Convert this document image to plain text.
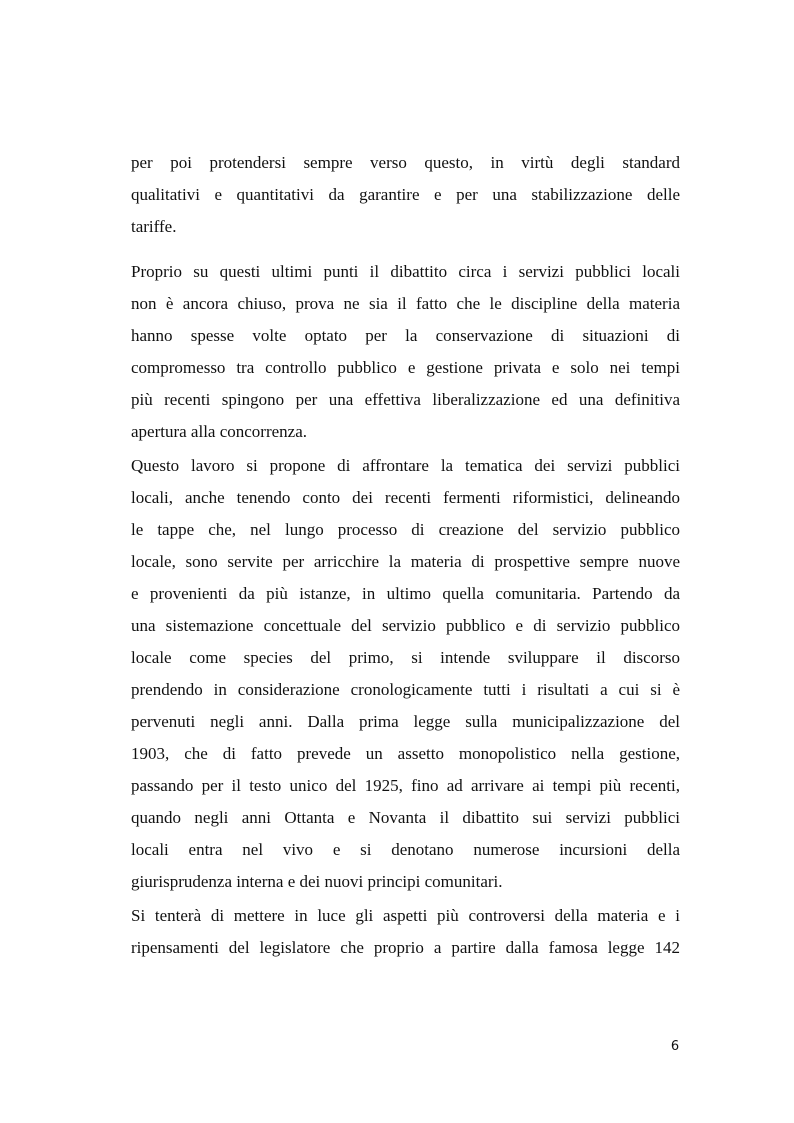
per poi protendersi sempre verso questo, in virtù degli standard
qualitativi e quantitativi da garantire e per una stabilizzazione delle
tariffe.
Proprio su questi ultimi punti il dibattito circa i servizi pubblici locali
non è ancora chiuso, prova ne sia il fatto che le discipline della materia
hanno spesse volte optato per la conservazione di situazioni di
compromesso tra controllo pubblico e gestione privata e solo nei tempi
più recenti spingono per una effettiva liberalizzazione ed una definitiva
apertura alla concorrenza.
Questo lavoro si propone di affrontare la tematica dei servizi pubblici
locali, anche tenendo conto dei recenti fermenti riformistici, delineando
le tappe che, nel lungo processo di creazione del servizio pubblico
locale, sono servite per arricchire la materia di prospettive sempre nuove
e provenienti da più istanze, in ultimo quella comunitaria. Partendo da
una sistemazione concettuale del servizio pubblico e di servizio pubblico
locale come species del primo, si intende sviluppare il discorso
prendendo in considerazione cronologicamente tutti i risultati a cui si è
pervenuti negli anni. Dalla prima legge sulla municipalizzazione del
1903, che di fatto prevede un assetto monopolistico nella gestione,
passando per il testo unico del 1925, fino ad arrivare ai tempi più recenti,
quando negli anni Ottanta e Novanta il dibattito sui servizi pubblici
locali entra nel vivo e si denotano numerose incursioni della
giurisprudenza interna e dei nuovi principi comunitari.
Si tenterà di mettere in luce gli aspetti più controversi della materia e i
ripensamenti del legislatore che proprio a partire dalla famosa legge 142
6
